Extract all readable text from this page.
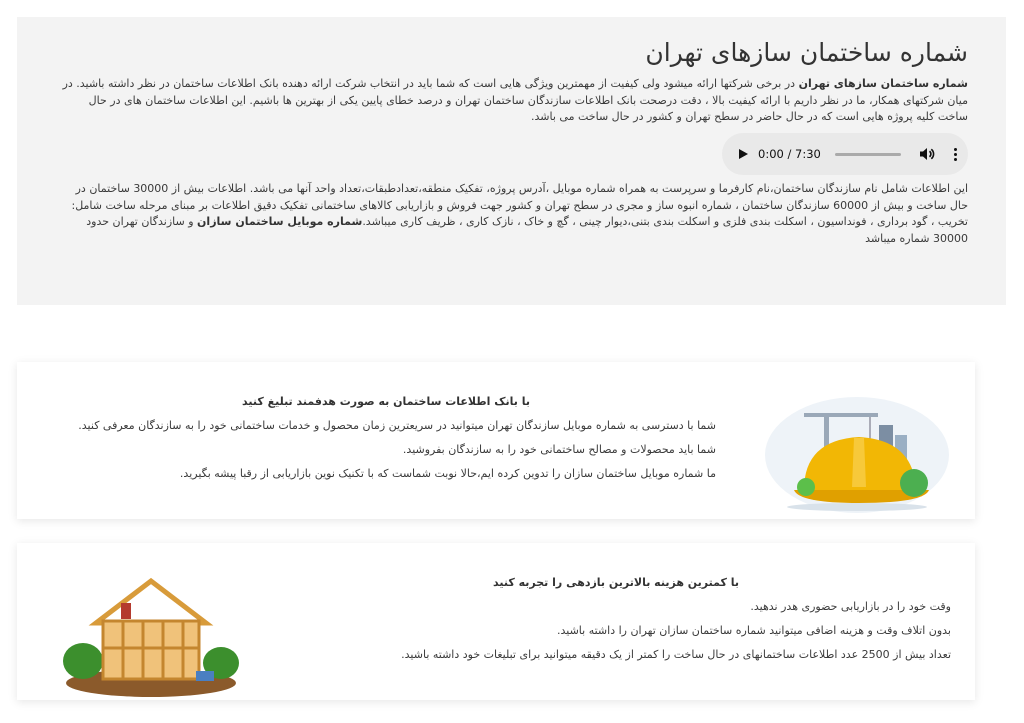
شماره ساختمان سازهای تهران

شماره ساختمان سازهای تهران در برخی شرکتها ارائه میشود ولی کیفیت از مهمترین ویژگی هایی است که شما باید در انتخاب شرکت ارائه دهنده بانک اطلاعات ساختمان در نظر داشته باشید. در میان شرکتهای همکار، ما در نظر داریم با ارائه کیفیت بالا ، دقت درصحت بانک اطلاعات سازندگان ساختمان تهران و درصد خطای پایین یکی از بهترین ها باشیم. این اطلاعات ساختمان های در حال ساخت کلیه پروژه هایی است که در حال حاضر در سطح تهران و کشور در حال ساخت می باشد.

0:00 / 7:30

این اطلاعات شامل نام سازندگان ساختمان،نام کارفرما و سرپرست به همراه شماره موبایل ،آدرس پروژه، تفکیک منطقه،تعدادطبقات،تعداد واحد آنها می باشد. اطلاعات بیش از 30000 ساختمان در حال ساخت و بیش از 60000 سازندگان ساختمان ، شماره انبوه ساز و مجری در سطح تهران و کشور جهت فروش و بازاریابی کالاهای ساختمانی تفکیک دقیق اطلاعات بر مبنای مرحله ساخت شامل: تخریب ، گود برداری ، فونداسیون ، اسکلت بندی فلزی و اسکلت بندی بتنی،دیوار چینی ، گچ و خاک ، نازک کاری ، ظریف کاری میباشد.شماره موبایل ساختمان سازان و سازندگان تهران حدود 30000 شماره میباشد

با بانک اطلاعات ساختمان به صورت هدفمند تبلیغ کنید

شما با دسترسی به شماره موبایل سازندگان تهران میتوانید در سریعترین زمان محصول و خدمات ساختمانی خود را به سازندگان معرفی کنید.

شما باید محصولات و مصالح ساختمانی خود را به سازندگان بفروشید.

ما شماره موبایل ساختمان سازان را تدوین کرده ایم،حالا نوبت شماست که با تکنیک نوین بازاریابی از رقبا پیشه بگیرید.

با کمترین هزینه بالاترین بازدهی را تجربه کنید

وقت خود را در بازاریابی حضوری هدر ندهید.

بدون اتلاف وقت و هزینه اضافی میتوانید شماره ساختمان سازان تهران را داشته باشید.

تعداد بیش از 2500 عدد اطلاعات ساختمانهای در حال ساخت را کمتر از یک دقیقه میتوانید برای تبلیغات خود داشته باشید.
